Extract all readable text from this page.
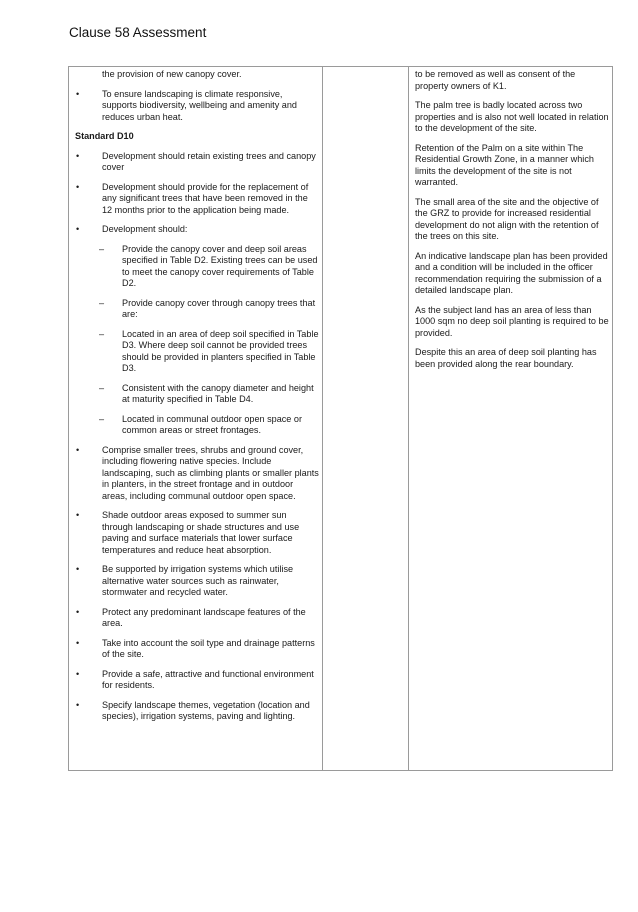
Clause 58 Assessment

the provision of new canopy cover.

• To ensure landscaping is climate responsive, supports biodiversity, wellbeing and amenity and reduces urban heat.

Standard D10

• Development should retain existing trees and canopy cover

• Development should provide for the replacement of any significant trees that have been removed in the 12 months prior to the application being made.

• Development should:

– Provide the canopy cover and deep soil areas specified in Table D2. Existing trees can be used to meet the canopy cover requirements of Table D2.

– Provide canopy cover through canopy trees that are:

– Located in an area of deep soil specified in Table D3. Where deep soil cannot be provided trees should be provided in planters specified in Table D3.

– Consistent with the canopy diameter and height at maturity specified in Table D4.

– Located in communal outdoor open space or common areas or street frontages.

• Comprise smaller trees, shrubs and ground cover, including flowering native species. Include landscaping, such as climbing plants or smaller plants in planters, in the street frontage and in outdoor areas, including communal outdoor open space.

• Shade outdoor areas exposed to summer sun through landscaping or shade structures and use paving and surface materials that lower surface temperatures and reduce heat absorption.

• Be supported by irrigation systems which utilise alternative water sources such as rainwater, stormwater and recycled water.

• Protect any predominant landscape features of the area.

• Take into account the soil type and drainage patterns of the site.

• Provide a safe, attractive and functional environment for residents.

• Specify landscape themes, vegetation (location and species), irrigation systems, paving and lighting.

to be removed as well as consent of the property owners of K1.

The palm tree is badly located across two properties and is also not well located in relation to the development of the site.

Retention of the Palm on a site within The Residential Growth Zone, in a manner which limits the development of the site is not warranted.

The small area of the site and the objective of the GRZ to provide for increased residential development do not align with the retention of the trees on this site.

An indicative landscape plan has been provided and a condition will be included in the officer recommendation requiring the submission of a detailed landscape plan.

As the subject land has an area of less than 1000 sqm no deep soil planting is required to be provided.

Despite this an area of deep soil planting has been provided along the rear boundary.
